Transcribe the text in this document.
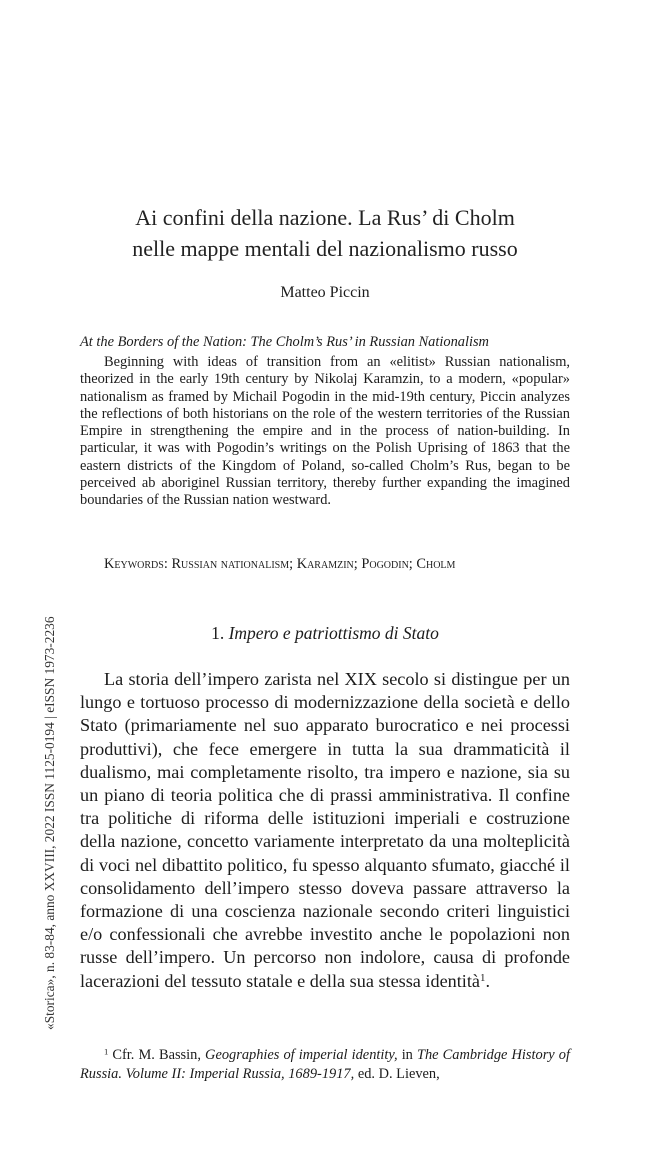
«Storica», n. 83-84, anno XXVIII, 2022 ISSN 1125-0194 | eISSN 1973-2236
Ai confini della nazione. La Rus’ di Cholm
nelle mappe mentali del nazionalismo russo
Matteo Piccin
At the Borders of the Nation: The Cholm’s Rus’ in Russian Nationalism

Beginning with ideas of transition from an «elitist» Russian nationalism, theorized in the early 19th century by Nikolaj Karamzin, to a modern, «popular» nationalism as framed by Michail Pogodin in the mid-19th century, Piccin analyzes the reflections of both historians on the role of the western territories of the Russian Empire in strengthening the empire and in the process of nation-building. In particular, it was with Pogodin’s writings on the Polish Uprising of 1863 that the eastern districts of the Kingdom of Poland, so-called Cholm’s Rus, began to be perceived ab aboriginel Russian territory, thereby further expanding the imagined boundaries of the Russian nation westward.

Keywords: Russian nationalism; Karamzin; Pogodin; Cholm
1. Impero e patriottismo di Stato

La storia dell’impero zarista nel XIX secolo si distingue per un lungo e tortuoso processo di modernizzazione della società e dello Stato (primariamente nel suo apparato burocratico e nei processi produttivi), che fece emergere in tutta la sua drammaticità il dualismo, mai completamente risolto, tra impero e nazione, sia su un piano di teoria politica che di prassi amministrativa. Il confine tra politiche di riforma delle istituzioni imperiali e costruzione della nazione, concetto variamente interpretato da una molteplicità di voci nel dibattito politico, fu spesso alquanto sfumato, giacché il consolidamento dell’impero stesso doveva passare attraverso la formazione di una coscienza nazionale secondo criteri linguistici e/o confessionali che avrebbe investito anche le popolazioni non russe dell’impero. Un percorso non indolore, causa di profonde lacerazioni del tessuto statale e della sua stessa identità$^1$.

$^1$ Cfr. M. Bassin, Geographies of imperial identity, in The Cambridge History of Russia. Volume II: Imperial Russia, 1689-1917, ed. D. Lieven,
